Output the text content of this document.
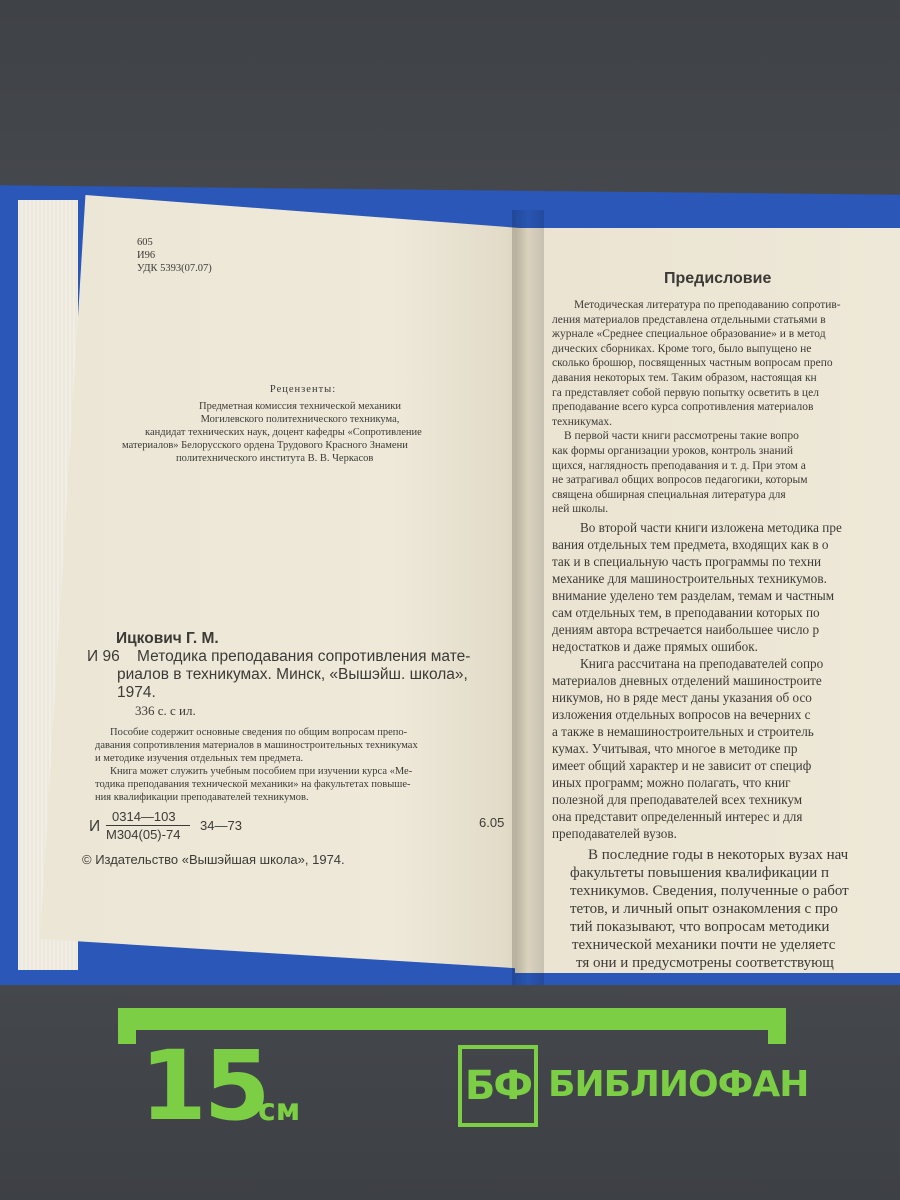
605
И96
УДК 5393(07.07)
Рецензенты:
Предметная комиссия технической механики
Могилевского политехнического техникума,
кандидат технических наук, доцент кафедры «Сопротивление
материалов» Белорусского ордена Трудового Красного Знамени
политехнического института В. В. Черкасов
Ицкович Г. М.
И 96 Методика преподавания сопротивления мате-
риалов в техникумах. Минск, «Вышэйш. школа»,
1974.
336 с. с ил.
Пособие содержит основные сведения по общим вопросам препо-
давания сопротивления материалов в машиностроительных техникумах
и методике изучения отдельных тем предмета.
Книга может служить учебным пособием при изучении курса «Ме-
тодика преподавания технической механики» на факультетах повыше-
ния квалификации преподавателей техникумов.
И
0314—103
М304(05)-74
34—73	6.05
© Издательство «Вышэйшая школа», 1974.
Предисловие
Методическая литература по преподаванию сопротив-
ления материалов представлена отдельными статьями в
журнале «Среднее специальное образование» и в метод
дических сборниках. Кроме того, было выпущено не
сколько брошюр, посвященных частным вопросам препо
давания некоторых тем. Таким образом, настоящая кн
га представляет собой первую попытку осветить в цел
преподавание всего курса сопротивления материалов
техникумах.
В первой части книги рассмотрены такие вопро
как формы организации уроков, контроль знаний
щихся, наглядность преподавания и т. д. При этом а
не затрагивал общих вопросов педагогики, которым
священа обширная специальная литература для
ней школы.
Во второй части книги изложена методика пре
вания отдельных тем предмета, входящих как в о
так и в специальную часть программы по техни
механике для машиностроительных техникумов.
внимание уделено тем разделам, темам и частным
сам отдельных тем, в преподавании которых по
дениям автора встречается наибольшее число р
недостатков и даже прямых ошибок.
Книга рассчитана на преподавателей сопро
материалов дневных отделений машиностроите
никумов, но в ряде мест даны указания об осо
изложения отдельных вопросов на вечерних с
а также в немашиностроительных и строитель
кумах. Учитывая, что многое в методике пр
имеет общий характер и не зависит от специф
иных программ; можно полагать, что книг
полезной для преподавателей всех техникум
она представит определенный интерес и для
преподавателей вузов.
В последние годы в некоторых вузах нач
факультеты повышения квалификации п
техникумов. Сведения, полученные о работ
тетов, и личный опыт ознакомления с про
тий показывают, что вопросам методики
технической механики почти не уделяетс
тя они и предусмотрены соответствующ
15
см
БФ БИБЛИОФАН
